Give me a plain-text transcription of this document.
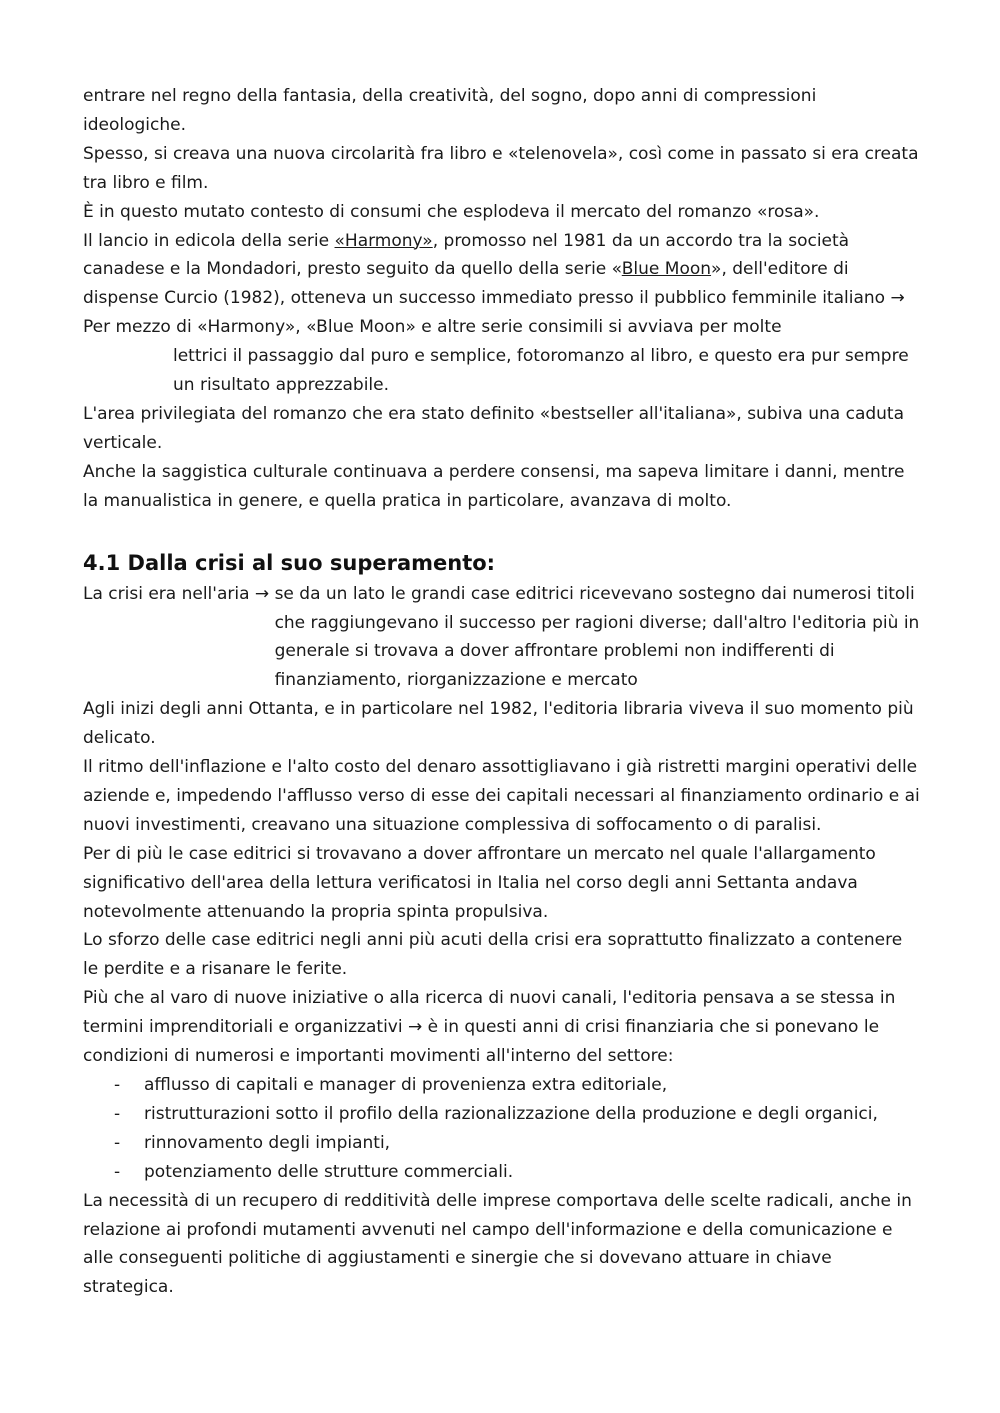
entrare nel regno della fantasia, della creatività, del sogno, dopo anni di compressioni ideologiche.

Spesso, si creava una nuova circolarità fra libro e «telenovela», così come in passato si era creata tra libro e film.

È in questo mutato contesto di consumi che esplodeva il mercato del romanzo «rosa».

Il lancio in edicola della serie «Harmony», promosso nel 1981 da un accordo tra la società canadese e la Mondadori, presto seguito da quello della serie «Blue Moon», dell'editore di dispense Curcio (1982), otteneva un successo immediato presso il pubblico femminile italiano → Per mezzo di «Harmony», «Blue Moon» e altre serie consimili si avviava per molte

lettrici il passaggio dal puro e semplice, fotoromanzo al libro, e questo era pur sempre un risultato apprezzabile.

L'area privilegiata del romanzo che era stato definito «bestseller all'italiana», subiva una caduta verticale.

Anche la saggistica culturale continuava a perdere consensi, ma sapeva limitare i danni, mentre la manualistica in genere, e quella pratica in particolare, avanzava di molto.

4.1 Dalla crisi al suo superamento:
La crisi era nell'aria → se da un lato le grandi case editrici ricevevano sostegno dai numerosi titoli che raggiungevano il successo per ragioni diverse; dall'altro l'editoria più in generale si trovava a dover affrontare problemi non indifferenti di finanziamento, riorganizzazione e mercato

Agli inizi degli anni Ottanta, e in particolare nel 1982, l'editoria libraria viveva il suo momento più delicato.

Il ritmo dell'inflazione e l'alto costo del denaro assottigliavano i già ristretti margini operativi delle aziende e, impedendo l'afflusso verso di esse dei capitali necessari al finanziamento ordinario e ai nuovi investimenti, creavano una situazione complessiva di soffocamento o di paralisi.

Per di più le case editrici si trovavano a dover affrontare un mercato nel quale l'allargamento significativo dell'area della lettura verificatosi in Italia nel corso degli anni Settanta andava notevolmente attenuando la propria spinta propulsiva.

Lo sforzo delle case editrici negli anni più acuti della crisi era soprattutto finalizzato a contenere le perdite e a risanare le ferite.

Più che al varo di nuove iniziative o alla ricerca di nuovi canali, l'editoria pensava a se stessa in termini imprenditoriali e organizzativi → è in questi anni di crisi finanziaria che si ponevano le condizioni di numerosi e importanti movimenti all'interno del settore:

- afflusso di capitali e manager di provenienza extra editoriale,
- ristrutturazioni sotto il profilo della razionalizzazione della produzione e degli organici,
- rinnovamento degli impianti,
- potenziamento delle strutture commerciali.

La necessità di un recupero di redditività delle imprese comportava delle scelte radicali, anche in relazione ai profondi mutamenti avvenuti nel campo dell'informazione e della comunicazione e alle conseguenti politiche di aggiustamenti e sinergie che si dovevano attuare in chiave strategica.
